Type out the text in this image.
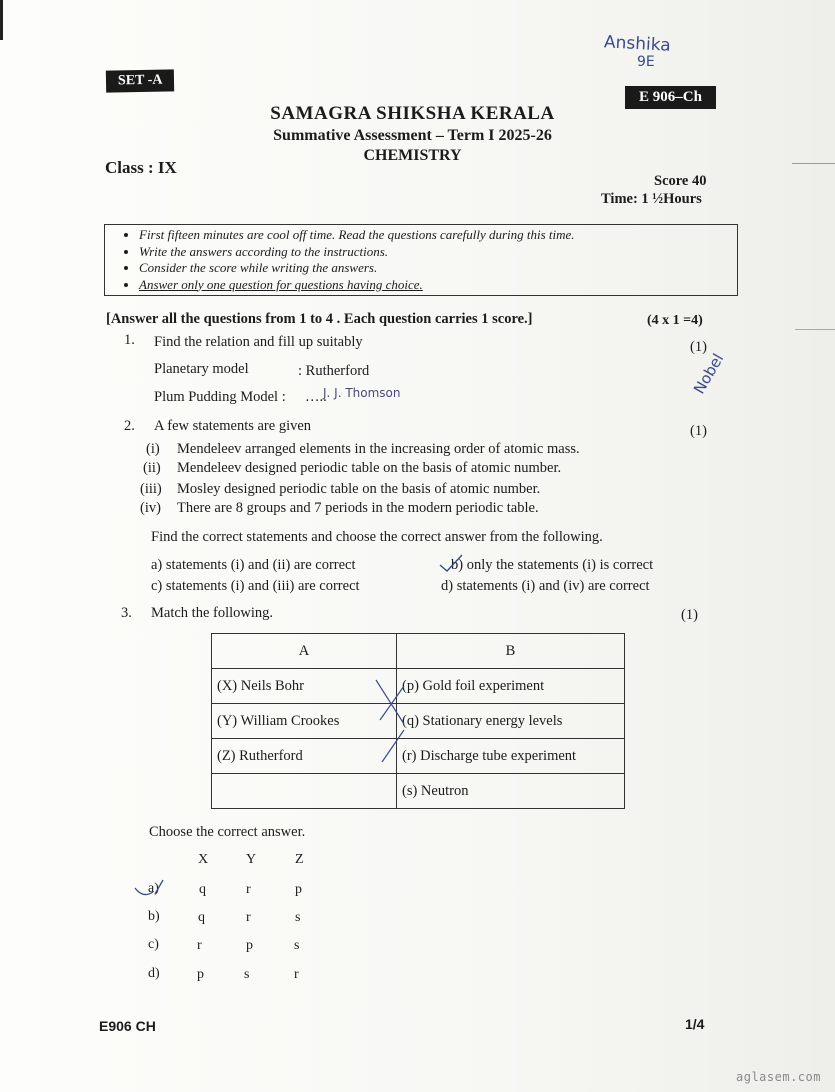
Anshika
9E
SET -A
E 906–Ch
SAMAGRA SHIKSHA KERALA
Summative Assessment – Term I 2025-26
CHEMISTRY
Class : IX
Score 40
Time: 1 ½Hours
• First fifteen minutes are cool off time. Read the questions carefully during this time.
• Write the answers according to the instructions.
• Consider the score while writing the answers.
• Answer only one question for questions having choice.
[Answer all the questions from 1 to 4 . Each question carries 1 score.]	(4 x 1 =4)
1. Find the relation and fill up suitably	(1)
Planetary model	: Rutherford
Plum Pudding Model : …..
J. J. Thomson	Nobel
2. A few statements are given	(1)
(i) Mendeleev arranged elements in the increasing order of atomic mass.
(ii) Mendeleev designed periodic table on the basis of atomic number.
(iii) Mosley designed periodic table on the basis of atomic number.
(iv) There are 8 groups and 7 periods in the modern periodic table.
Find the correct statements and choose the correct answer from the following.
a) statements (i) and (ii) are correct	b) only the statements (i) is correct
c) statements (i) and (iii) are correct	d) statements (i) and (iv) are correct
3. Match the following.	(1)
A	B
(X) Neils Bohr	(p) Gold foil experiment
(Y) William Crookes	(q) Stationary energy levels
(Z) Rutherford	(r) Discharge tube experiment
	(s) Neutron
Choose the correct answer.
X	Y	Z
a)	q	r	p
b)	q	r	s
c)	r	p	s
d)	p	s	r
E906 CH	1/4
aglasem.com
